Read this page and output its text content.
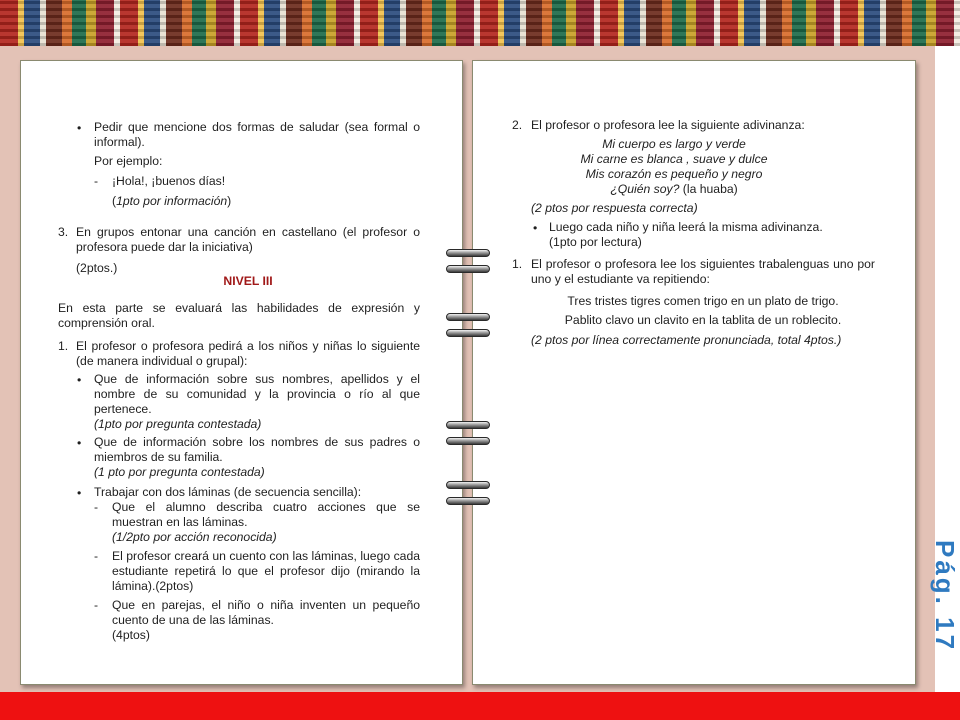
Pág. 17
• Pedir que mencione dos formas de saludar (sea formal o informal).
Por ejemplo:
- ¡Hola!, ¡buenos días!
(1pto por información)
3. En grupos entonar una canción en castellano (el profesor o profesora puede dar la iniciativa)
(2ptos.)
NIVEL III
En esta parte se evaluará las habilidades de expresión y comprensión oral.
1. El profesor o profesora pedirá a los niños y niñas lo siguiente (de manera individual o grupal):
• Que de información sobre sus nombres, apellidos y el nombre de su comunidad y la provincia o río al que pertenece.
(1pto por pregunta contestada)
• Que de información sobre los nombres de sus padres o miembros de su familia.
(1 pto por pregunta contestada)
• Trabajar con dos láminas (de secuencia sencilla):
- Que el alumno describa cuatro acciones que se muestran en las láminas.
(1/2pto por acción reconocida)
- El profesor creará un cuento con las láminas, luego cada estudiante repetirá lo que el profesor dijo (mirando la lámina).(2ptos)
- Que en parejas, el niño o niña inventen un pequeño cuento de una de las láminas.
(4ptos)
2. El profesor o profesora lee la siguiente adivinanza:
Mi cuerpo es largo y verde
Mi carne es blanca , suave y dulce
Mis corazón es pequeño y negro
¿Quién soy? (la huaba)
(2 ptos por respuesta correcta)
• Luego cada niño y niña leerá la misma adivinanza.
(1pto por lectura)
1. El profesor o profesora lee los siguientes trabalenguas uno por uno y el estudiante va repitiendo:
Tres tristes tigres comen trigo en un plato de trigo.
Pablito clavo un clavito en la tablita de un roblecito.
(2 ptos por línea correctamente pronunciada, total 4ptos.)
